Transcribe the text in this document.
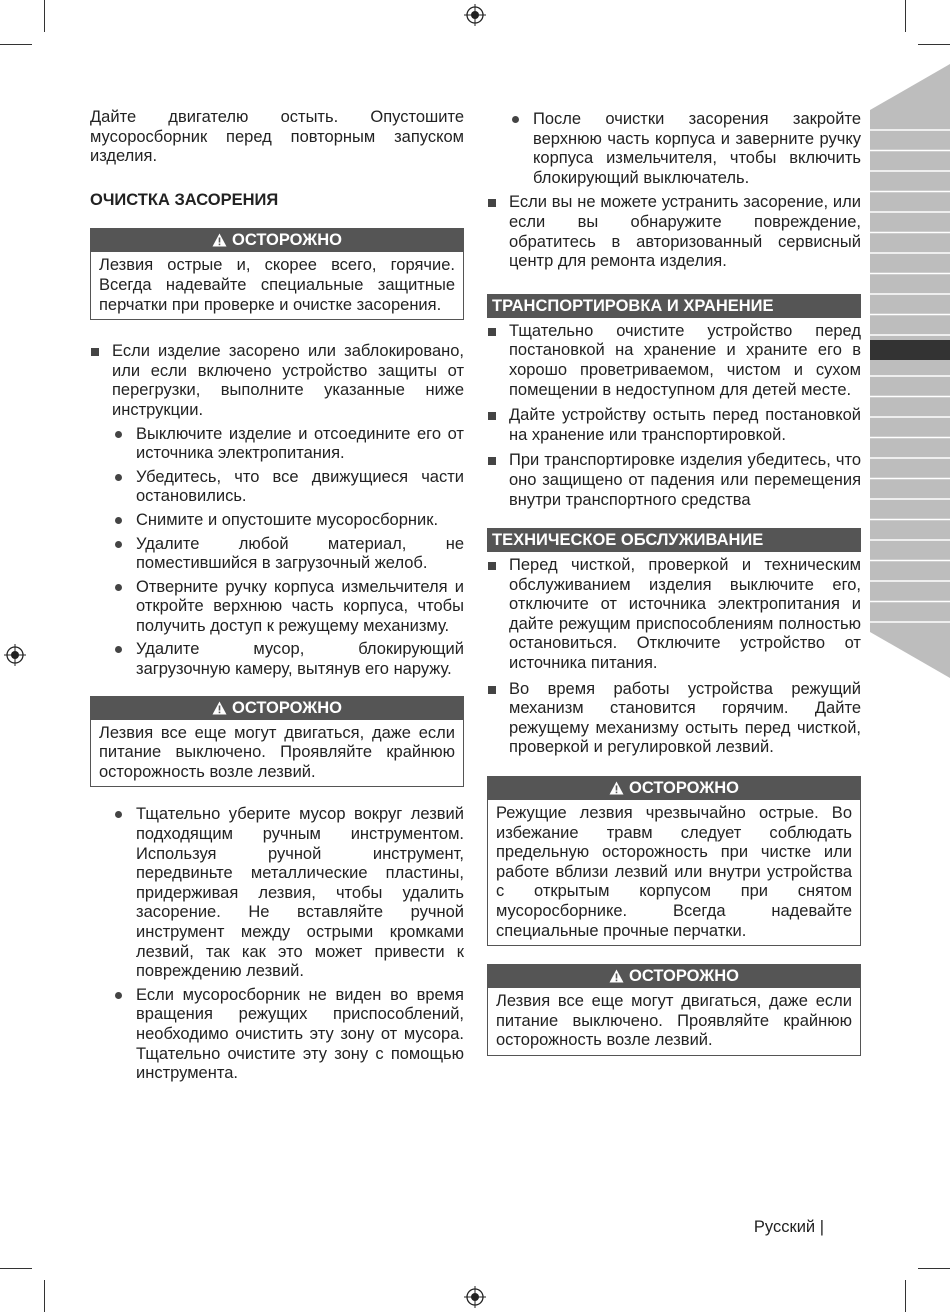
Дайте двигателю остыть. Опустошите мусоросборник перед повторным запуском изделия.

ОЧИСТКА ЗАСОРЕНИЯ
ОСТОРОЖНО
Лезвия острые и, скорее всего, горячие. Всегда надевайте специальные защитные перчатки при проверке и очистке засорения.
Если изделие засорено или заблокировано, или если включено устройство защиты от перегрузки, выполните указанные ниже инструкции.
Выключите изделие и отсоедините его от источника электропитания.
Убедитесь, что все движущиеся части остановились.
Снимите и опустошите мусоросборник.
Удалите любой материал, не поместившийся в загрузочный желоб.
Отверните ручку корпуса измельчителя и откройте верхнюю часть корпуса, чтобы получить доступ к режущему механизму.
Удалите мусор, блокирующий загрузочную камеру, вытянув его наружу.
ОСТОРОЖНО
Лезвия все еще могут двигаться, даже если питание выключено. Проявляйте крайнюю осторожность возле лезвий.
Тщательно уберите мусор вокруг лезвий подходящим ручным инструментом. Используя ручной инструмент, передвиньте металлические пластины, придерживая лезвия, чтобы удалить засорение. Не вставляйте ручной инструмент между острыми кромками лезвий, так как это может привести к повреждению лезвий.
Если мусоросборник не виден во время вращения режущих приспособлений, необходимо очистить эту зону от мусора. Тщательно очистите эту зону с помощью инструмента.
После очистки засорения закройте верхнюю часть корпуса и заверните ручку корпуса измельчителя, чтобы включить блокирующий выключатель.
Если вы не можете устранить засорение, или если вы обнаружите повреждение, обратитесь в авторизованный сервисный центр для ремонта изделия.
ТРАНСПОРТИРОВКА И ХРАНЕНИЕ
Тщательно очистите устройство перед постановкой на хранение и храните его в хорошо проветриваемом, чистом и сухом помещении в недоступном для детей месте.
Дайте устройству остыть перед постановкой на хранение или транспортировкой.
При транспортировке изделия убедитесь, что оно защищено от падения или перемещения внутри транспортного средства
ТЕХНИЧЕСКОЕ ОБСЛУЖИВАНИЕ
Перед чисткой, проверкой и техническим обслуживанием изделия выключите его, отключите от источника электропитания и дайте режущим приспособлениям полностью остановиться. Отключите устройство от источника питания.
Во время работы устройства режущий механизм становится горячим. Дайте режущему механизму остыть перед чисткой, проверкой и регулировкой лезвий.
ОСТОРОЖНО
Режущие лезвия чрезвычайно острые. Во избежание травм следует соблюдать предельную осторожность при чистке или работе вблизи лезвий или внутри устройства с открытым корпусом при снятом мусоросборнике. Всегда надевайте специальные прочные перчатки.
ОСТОРОЖНО
Лезвия все еще могут двигаться, даже если питание выключено. Проявляйте крайнюю осторожность возле лезвий.
Русский |
